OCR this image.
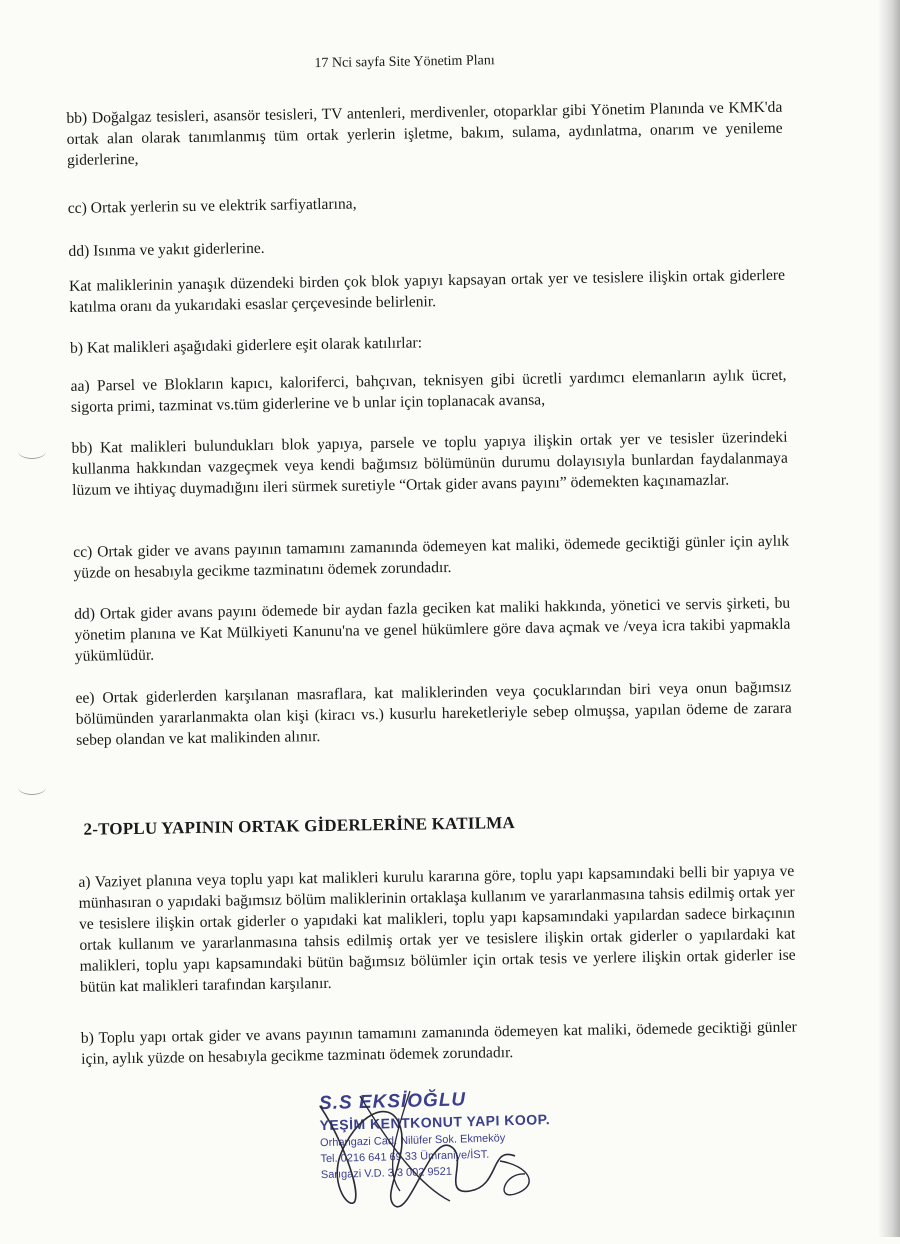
17 Nci sayfa Site Yönetim Planı

bb) Doğalgaz tesisleri, asansör tesisleri, TV antenleri, merdivenler, otoparklar gibi Yönetim Planında ve KMK'da ortak alan olarak tanımlanmış tüm ortak yerlerin işletme, bakım, sulama, aydınlatma, onarım ve yenileme giderlerine,

cc) Ortak yerlerin su ve elektrik sarfiyatlarına,

dd) Isınma ve yakıt giderlerine.

Kat maliklerinin yanaşık düzendeki birden çok blok yapıyı kapsayan ortak yer ve tesislere ilişkin ortak giderlere katılma oranı da yukarıdaki esaslar çerçevesinde belirlenir.

b) Kat malikleri aşağıdaki giderlere eşit olarak katılırlar:

aa) Parsel ve Blokların kapıcı, kaloriferci, bahçıvan, teknisyen gibi ücretli yardımcı elemanların aylık ücret, sigorta primi, tazminat vs.tüm giderlerine ve b unlar için toplanacak avansa,

bb) Kat malikleri bulundukları blok yapıya, parsele ve toplu yapıya ilişkin ortak yer ve tesisler üzerindeki kullanma hakkından vazgeçmek veya kendi bağımsız bölümünün durumu dolayısıyla bunlardan faydalanmaya lüzum ve ihtiyaç duymadığını ileri sürmek suretiyle “Ortak gider avans payını” ödemekten kaçınamazlar.

cc) Ortak gider ve avans payının tamamını zamanında ödemeyen kat maliki, ödemede geciktiği günler için aylık yüzde on hesabıyla gecikme tazminatını ödemek zorundadır.

dd) Ortak gider avans payını ödemede bir aydan fazla geciken kat maliki hakkında, yönetici ve servis şirketi, bu yönetim planına ve Kat Mülkiyeti Kanunu'na ve genel hükümlere göre dava açmak ve /veya icra takibi yapmakla yükümlüdür.

ee) Ortak giderlerden karşılanan masraflara, kat maliklerinden veya çocuklarından biri veya onun bağımsız bölümünden yararlanmakta olan kişi (kiracı vs.) kusurlu hareketleriyle sebep olmuşsa, yapılan ödeme de zarara sebep olandan ve kat malikinden alınır.

2-TOPLU YAPININ ORTAK GİDERLERİNE KATILMA

a) Vaziyet planına veya toplu yapı kat malikleri kurulu kararına göre, toplu yapı kapsamındaki belli bir yapıya ve münhasıran o yapıdaki bağımsız bölüm maliklerinin ortaklaşa kullanım ve yararlanmasına tahsis edilmiş ortak yer ve tesislere ilişkin ortak giderler o yapıdaki kat malikleri, toplu yapı kapsamındaki yapılardan sadece birkaçının ortak kullanım ve yararlanmasına tahsis edilmiş ortak yer ve tesislere ilişkin ortak giderler o yapılardaki kat malikleri, toplu yapı kapsamındaki bütün bağımsız bölümler için ortak tesis ve yerlere ilişkin ortak giderler ise bütün kat malikleri tarafından karşılanır.

b) Toplu yapı ortak gider ve avans payının tamamını zamanında ödemeyen kat maliki, ödemede geciktiği günler için, aylık yüzde on hesabıyla gecikme tazminatı ödemek zorundadır.

S.S EKSİOĞLU
YEŞİM KENTKONUT YAPI KOOP.
Orhangazi Cad. Nilüfer Sok. Ekmeköy
Tel. 0216 641 69 33 Ümraniye/İST.
Sarıgazi V.D. 3 3 002 9521
